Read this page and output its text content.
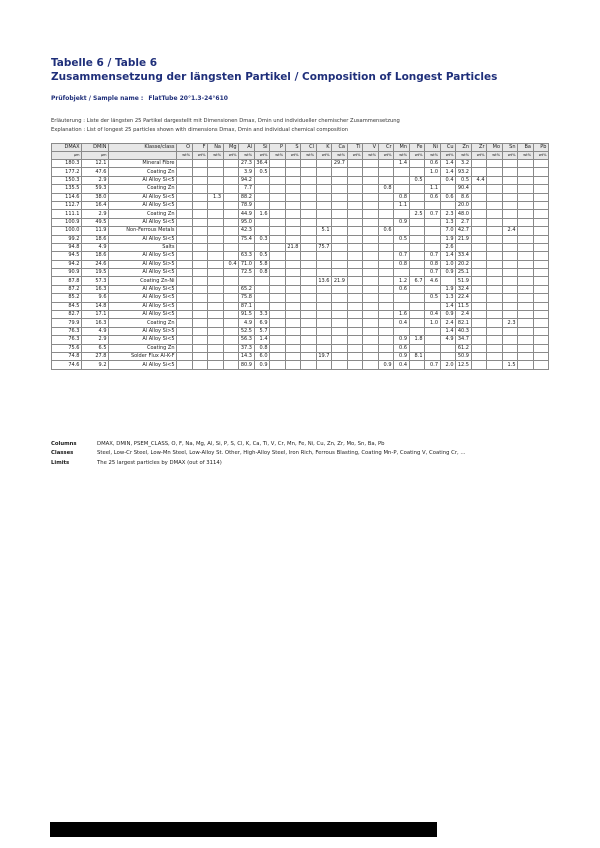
Tabelle 6 / Table 6
Zusammensetzung der längsten Partikel / Composition of Longest Particles
Prüfobjekt / Sample name : FlatTube 20°1.3-24°610
Erläuterung : Liste der längsten 25 Partikel dargestellt mit Dimensionen Dmax, Dmin und individueller chemischer Zusammensetzung
Explanation : List of longest 25 particles shown with dimensions Dmax, Dmin and individual chemical composition
DMAX	DMIN	Klasse/class	O	F	Na	Mg	Al	Si	P	S	Cl	K	Ca	Ti	V	Cr	Mn	Fe	Ni	Cu	Zn	Zr	Mo	Sn	Ba	Pb
µm	µm		wt%	wt%	wt%	wt%	wt%	wt%	wt%	wt%	wt%	wt%	wt%	wt%	wt%	wt%	wt%	wt%	wt%	wt%	wt%	wt%	wt%	wt%	wt%	wt%
180.3	12.1	Mineral Fibre					27.3	36.4					29.7				1.4		0.6	1.4	3.2					
177.2	47.6	Coating Zn					3.9	0.5											1.0	1.4	93.2					
150.3	2.9	Al Alloy Si<5					94.2											0.5		0.4	0.5	4.4				
135.5	59.3	Coating Zn					7.7									0.8			1.1		90.4					
114.6	38.0	Al Alloy Si<5			1.3		88.2										0.8		0.6	0.6	8.6					
112.7	16.4	Al Alloy Si<5					78.9										1.1				20.0					
111.1	2.9	Coating Zn					44.9	1.6										2.5	0.7	2.3	48.0					
100.9	49.5	Al Alloy Si<5					95.0										0.9			1.3	2.7					
100.0	11.9	Non-Ferrous Metals					42.3					5.1				0.6				7.0	42.7			2.4		
99.2	18.6	Al Alloy Si<5					75.4	0.3									0.5			1.9	21.9					
94.8	4.9	Salts								21.8		75.7								2.6						
94.5	18.6	Al Alloy Si<5					63.3	0.5									0.7		0.7	1.4	33.4					
94.2	24.6	Al Alloy Si>5				0.4	71.0	5.8									0.8		0.8	1.0	20.2					
90.9	19.5	Al Alloy Si<5					72.5	0.8											0.7	0.9	25.1					
87.8	57.3	Coating Zn-Ni										13.6	21.9				1.2	6.7	4.6		51.9					
87.2	16.3	Al Alloy Si<5					65.2										0.6			1.9	32.4					
85.2	9.6	Al Alloy Si<5					75.8												0.5	1.3	22.4					
84.5	14.8	Al Alloy Si<5					87.1													1.4	11.5					
82.7	17.1	Al Alloy Si<5					91.5	3.3									1.6		0.4	0.9	2.4					
79.9	16.3	Coating Zn					4.9	6.9									0.4		1.0	2.4	82.1			2.3		
76.3	4.9	Al Alloy Si>5					52.5	5.7												1.4	40.3					
76.3	2.9	Al Alloy Si<5					56.3	1.4									0.9	1.8		4.9	34.7					
75.6	6.5	Coating Zn					37.3	0.8									0.6				61.2					
74.8	27.8	Solder Flux Al-K-F					14.3	6.0				19.7					0.9	8.1			50.9					
74.6	9.2	Al Alloy Si<5					80.9	0.9								0.9	0.4		0.7	2.0	12.5			1.5		
Columns	DMAX, DMIN, PSEM_CLASS, O, F, Na, Mg, Al, Si, P, S, Cl, K, Ca, Ti, V, Cr, Mn, Fe, Ni, Cu, Zn, Zr, Mo, Sn, Ba, Pb
Classes	Steel, Low-Cr Steel, Low-Mn Steel, Low-Alloy St. Other, High-Alloy Steel, Iron Rich, Ferrous Blasting, Coating Mn-P, Coating V, Coating Cr, ...
Limits	The 25 largest particles by DMAX (out of 3114)
